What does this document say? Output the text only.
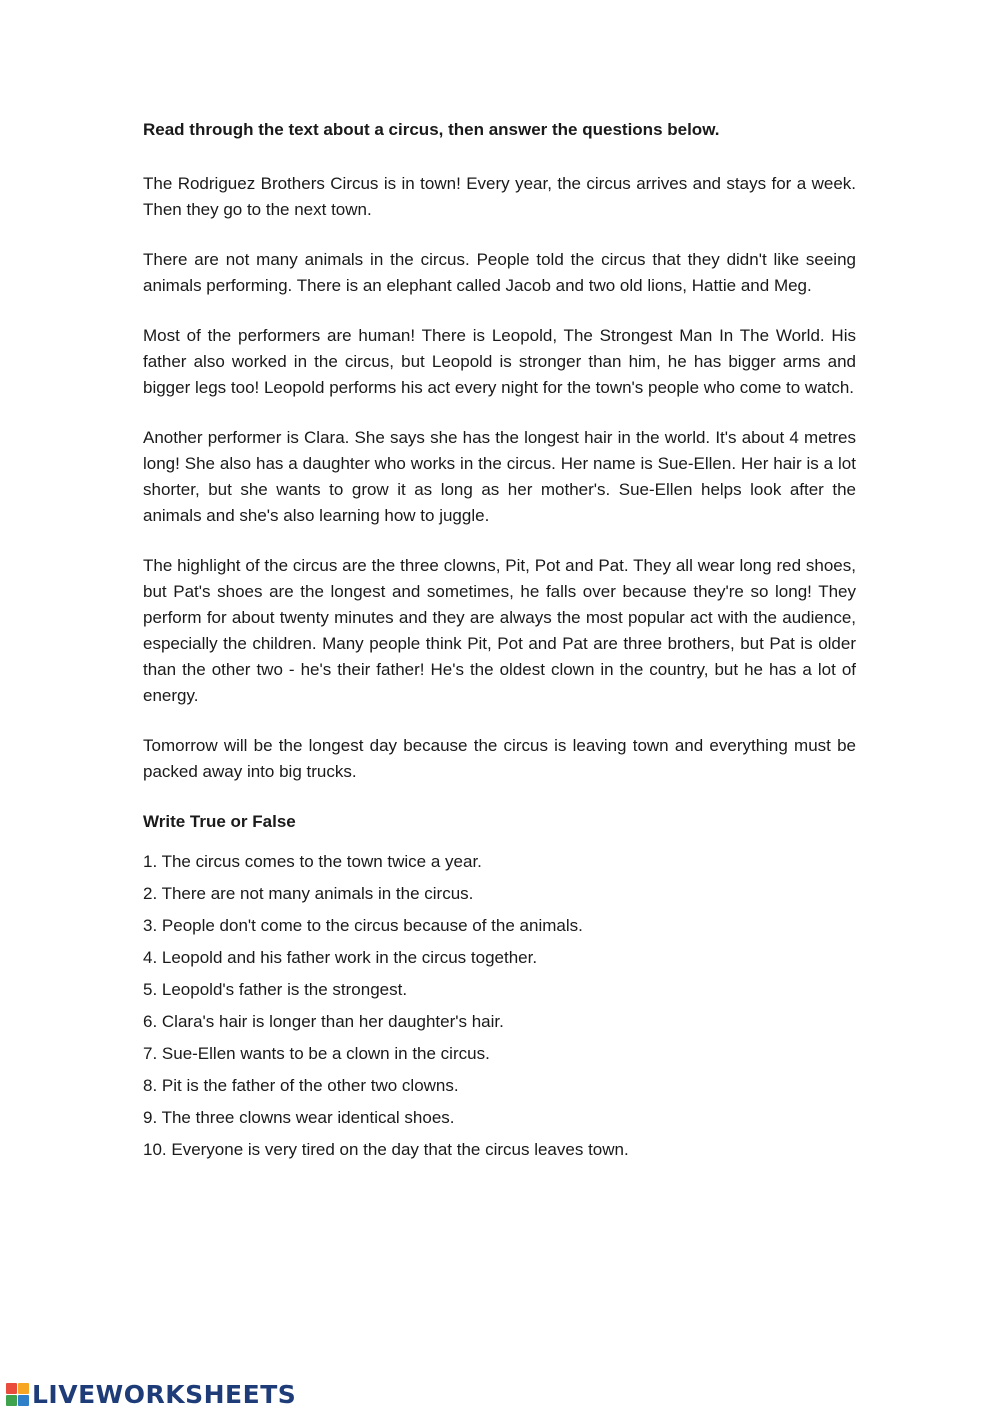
Read through the text about a circus, then answer the questions below.

The Rodriguez Brothers Circus is in town! Every year, the circus arrives and stays for a week. Then they go to the next town.

There are not many animals in the circus. People told the circus that they didn't like seeing animals performing. There is an elephant called Jacob and two old lions, Hattie and Meg.

Most of the performers are human! There is Leopold, The Strongest Man In The World. His father also worked in the circus, but Leopold is stronger than him, he has bigger arms and bigger legs too! Leopold performs his act every night for the town's people who come to watch.

Another performer is Clara. She says she has the longest hair in the world. It's about 4 metres long! She also has a daughter who works in the circus. Her name is Sue-Ellen. Her hair is a lot shorter, but she wants to grow it as long as her mother's. Sue-Ellen helps look after the animals and she's also learning how to juggle.

The highlight of the circus are the three clowns, Pit, Pot and Pat. They all wear long red shoes, but Pat's shoes are the longest and sometimes, he falls over because they're so long! They perform for about twenty minutes and they are always the most popular act with the audience, especially the children. Many people think Pit, Pot and Pat are three brothers, but Pat is older than the other two - he's their father! He's the oldest clown in the country, but he has a lot of energy.

Tomorrow will be the longest day because the circus is leaving town and everything must be packed away into big trucks.

Write True or False

1. The circus comes to the town twice a year.
2. There are not many animals in the circus.
3. People don't come to the circus because of the animals.
4. Leopold and his father work in the circus together.
5. Leopold's father is the strongest.
6. Clara's hair is longer than her daughter's hair.
7. Sue-Ellen wants to be a clown in the circus.
8. Pit is the father of the other two clowns.
9. The three clowns wear identical shoes.
10. Everyone is very tired on the day that the circus leaves town.
LIVEWORKSHEETS
